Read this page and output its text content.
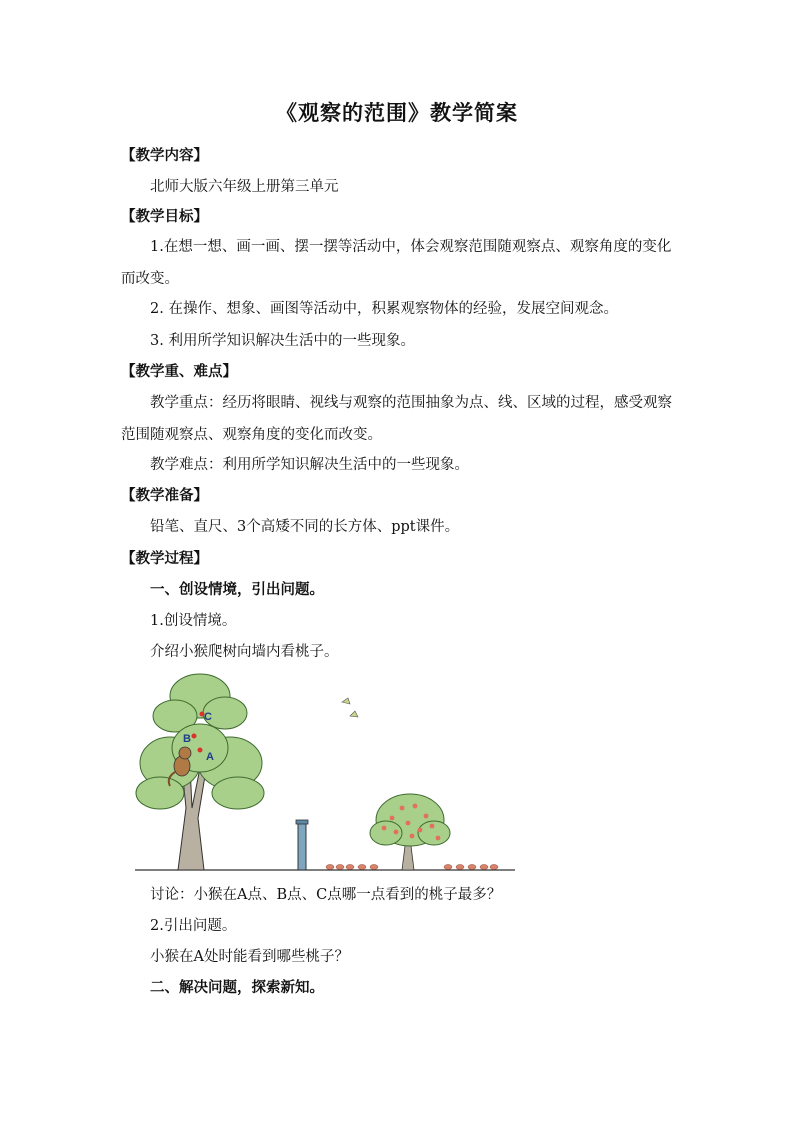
《观察的范围》教学简案
【教学内容】
北师大版六年级上册第三单元
【教学目标】
1.在想一想、画一画、摆一摆等活动中，体会观察范围随观察点、观察角度的变化而改变。
2. 在操作、想象、画图等活动中，积累观察物体的经验，发展空间观念。
3. 利用所学知识解决生活中的一些现象。
【教学重、难点】
教学重点：经历将眼睛、视线与观察的范围抽象为点、线、区域的过程，感受观察范围随观察点、观察角度的变化而改变。
教学难点：利用所学知识解决生活中的一些现象。
【教学准备】
铅笔、直尺、3个高矮不同的长方体、ppt课件。
【教学过程】
一、创设情境，引出问题。
1.创设情境。
介绍小猴爬树向墙内看桃子。
C
B
A
讨论：小猴在A点、B点、C点哪一点看到的桃子最多？
2.引出问题。
小猴在A处时能看到哪些桃子？
二、解决问题，探索新知。
